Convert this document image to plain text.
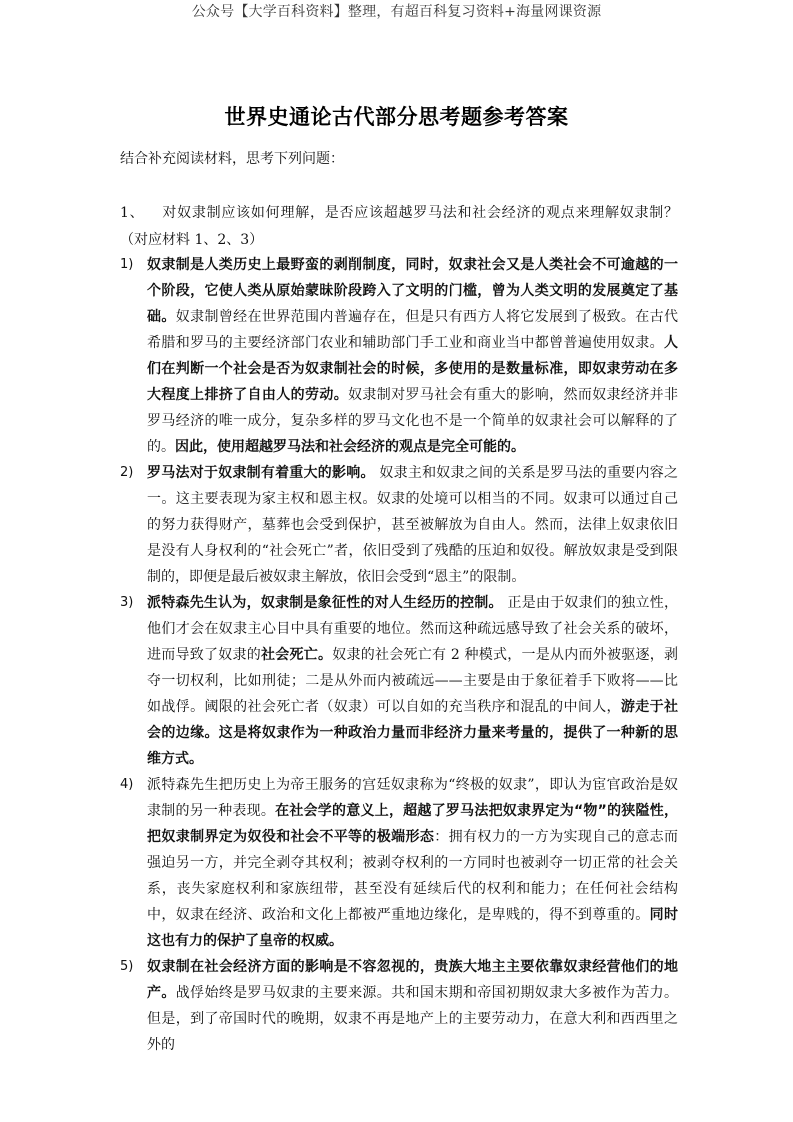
公众号【大学百科资料】整理，有超百科复习资料+海量网课资源
世界史通论古代部分思考题参考答案
结合补充阅读材料，思考下列问题：
1、 对奴隶制应该如何理解，是否应该超越罗马法和社会经济的观点来理解奴隶制？（对应材料 1、2、3）
1) 奴隶制是人类历史上最野蛮的剥削制度，同时，奴隶社会又是人类社会不可逾越的一个阶段，它使人类从原始蒙昧阶段跨入了文明的门槛，曾为人类文明的发展奠定了基础。奴隶制曾经在世界范围内普遍存在，但是只有西方人将它发展到了极致。在古代希腊和罗马的主要经济部门农业和辅助部门手工业和商业当中都曾普遍使用奴隶。人们在判断一个社会是否为奴隶制社会的时候，多使用的是数量标准，即奴隶劳动在多大程度上排挤了自由人的劳动。奴隶制对罗马社会有重大的影响，然而奴隶经济并非罗马经济的唯一成分，复杂多样的罗马文化也不是一个简单的奴隶社会可以解释的了的。因此，使用超越罗马法和社会经济的观点是完全可能的。
2) 罗马法对于奴隶制有着重大的影响。 奴隶主和奴隶之间的关系是罗马法的重要内容之一。这主要表现为家主权和恩主权。奴隶的处境可以相当的不同。奴隶可以通过自己的努力获得财产，墓葬也会受到保护，甚至被解放为自由人。然而，法律上奴隶依旧是没有人身权利的“社会死亡”者，依旧受到了残酷的压迫和奴役。解放奴隶是受到限制的，即便是最后被奴隶主解放，依旧会受到“恩主”的限制。
3) 派特森先生认为，奴隶制是象征性的对人生经历的控制。 正是由于奴隶们的独立性，他们才会在奴隶主心目中具有重要的地位。然而这种疏远感导致了社会关系的破坏，进而导致了奴隶的社会死亡。奴隶的社会死亡有 2 种模式，一是从内而外被驱逐，剥夺一切权利，比如刑徒；二是从外而内被疏远——主要是由于象征着手下败将——比如战俘。阈限的社会死亡者（奴隶）可以自如的充当秩序和混乱的中间人，游走于社会的边缘。这是将奴隶作为一种政治力量而非经济力量来考量的，提供了一种新的思维方式。
4) 派特森先生把历史上为帝王服务的宫廷奴隶称为“终极的奴隶”，即认为宦官政治是奴隶制的另一种表现。在社会学的意义上，超越了罗马法把奴隶界定为“物”的狭隘性，把奴隶制界定为奴役和社会不平等的极端形态：拥有权力的一方为实现自己的意志而强迫另一方，并完全剥夺其权利；被剥夺权利的一方同时也被剥夺一切正常的社会关系，丧失家庭权利和家族纽带，甚至没有延续后代的权利和能力；在任何社会结构中，奴隶在经济、政治和文化上都被严重地边缘化，是卑贱的，得不到尊重的。同时这也有力的保护了皇帝的权威。
5) 奴隶制在社会经济方面的影响是不容忽视的，贵族大地主主要依靠奴隶经营他们的地产。战俘始终是罗马奴隶的主要来源。共和国末期和帝国初期奴隶大多被作为苦力。但是，到了帝国时代的晚期，奴隶不再是地产上的主要劳动力，在意大利和西西里之外的
